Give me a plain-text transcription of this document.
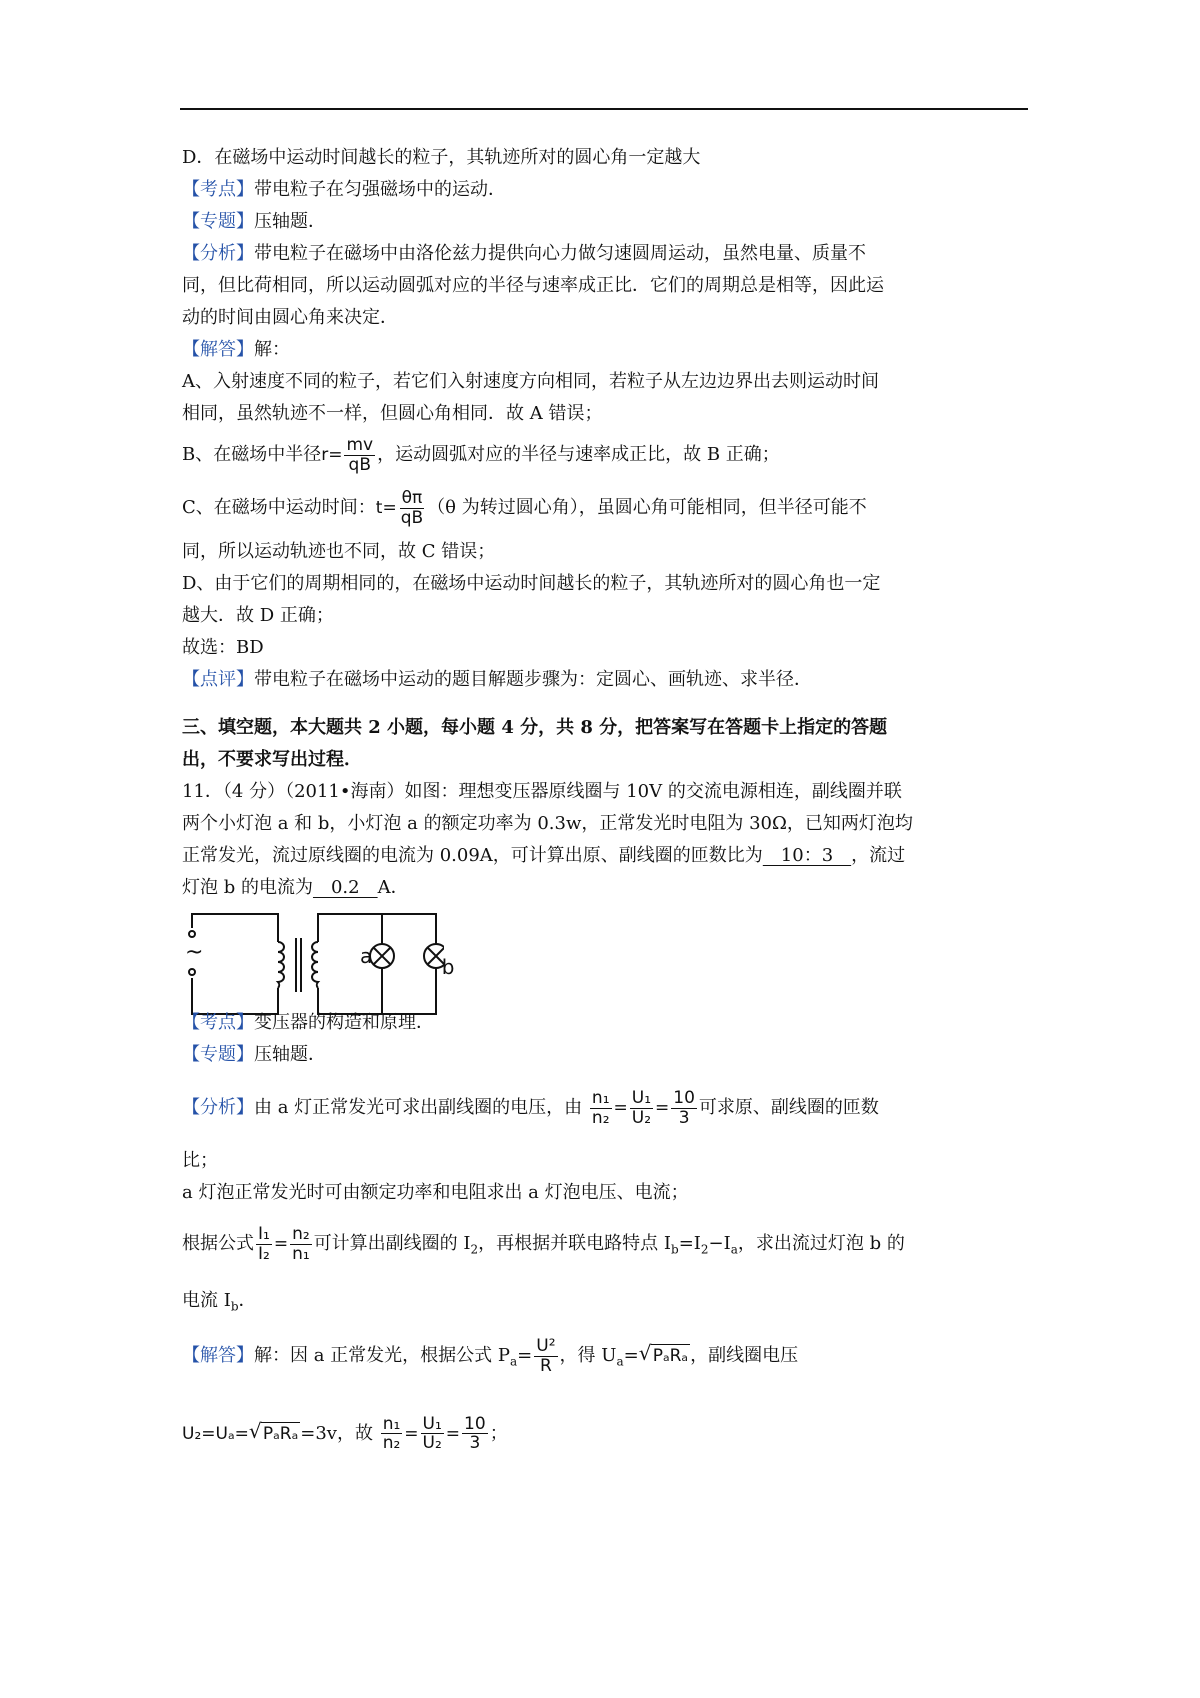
D．在磁场中运动时间越长的粒子，其轨迹所对的圆心角一定越大
【考点】带电粒子在匀强磁场中的运动．
【专题】压轴题．
【分析】带电粒子在磁场中由洛伦兹力提供向心力做匀速圆周运动，虽然电量、质量不
同，但比荷相同，所以运动圆弧对应的半径与速率成正比．它们的周期总是相等，因此运
动的时间由圆心角来决定．
【解答】解：
A、入射速度不同的粒子，若它们入射速度方向相同，若粒子从左边边界出去则运动时间
相同，虽然轨迹不一样，但圆心角相同．故 A 错误；
B、在磁场中半径$r= \frac{mv}{qB}$ ，运动圆弧对应的半径与速率成正比，故 B 正确；
C、在磁场中运动时间：$t= \frac{\theta\pi}{qB} (\theta$ 为转过圆心角），虽圆心角可能相同，但半径可能不
同，所以运动轨迹也不同，故 C 错误；
D、由于它们的周期相同的，在磁场中运动时间越长的粒子，其轨迹所对的圆心角也一定
越大．故 D 正确；
故选：BD
【点评】带电粒子在磁场中运动的题目解题步骤为：定圆心、画轨迹、求半径．
三、填空题，本大题共 2 小题，每小题 4 分，共 8 分，把答案写在答题卡上指定的答题
出，不要求写出过程．
11．（4 分）（2011•海南）如图：理想变压器原线圈与 10V 的交流电源相连，副线圈并联
两个小灯泡 a 和 b，小灯泡 a 的额定功率为 0.3w，正常发光时电阻为 30Ω，已知两灯泡均
正常发光，流过原线圈的电流为 0.09A，可计算出原、副线圈的匝数比为　10：3　，流过
灯泡 b 的电流为　0.2　A．
~	a	b
【考点】变压器的构造和原理．
【专题】压轴题．
【分析】由 a 灯正常发光可求出副线圈的电压，由 $\frac{\text{n₁}}{\text{n₂}} = \frac{\text{U₁}}{\text{U₂}} = \frac{10}{3}$ 可求原、副线圈的匝数
比；
a 灯泡正常发光时可由额定功率和电阻求出 a 灯泡电压、电流；
根据公式 $\frac{\text{I₁}}{\text{I₂}} = \frac{\text{n₂}}{\text{n₁}}$ 可计算出副线圈的 $I_2$，再根据并联电路特点 $I_b=I_2-I_a$，求出流过灯泡 b 的
电流 $I_b$．
【解答】解：因 a 正常发光，根据公式 $P_a= \frac{\text{U²}}{R}$ ，得 $U_a=√$ PₐRₐ ，副线圈电压
U₂=Uₐ=√ PₐRₐ =3v，故 $\frac{\text{n₁}}{\text{n₂}} = \frac{\text{U₁}}{\text{U₂}} = \frac{10}{3}$ ；
